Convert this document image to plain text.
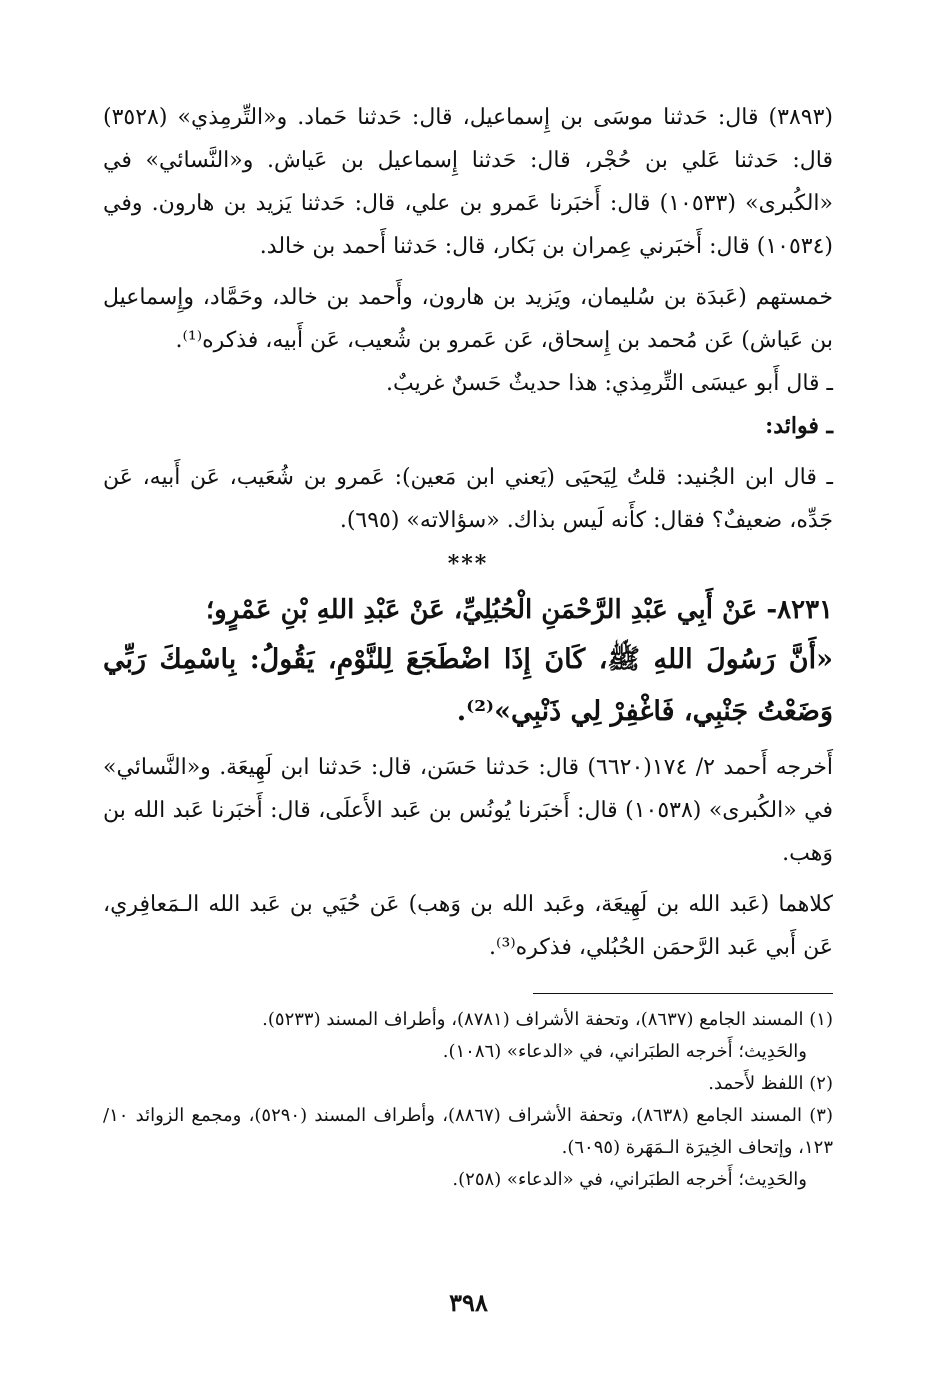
(٣٨٩٣) قال: حَدثنا موسَى بن إِسماعيل، قال: حَدثنا حَماد. و«التِّرمِذي» (٣٥٢٨) قال: حَدثنا عَلي بن حُجْر، قال: حَدثنا إِسماعيل بن عَياش. و«النَّسائي» في «الكُبرى» (١٠٥٣٣) قال: أَخبَرنا عَمرو بن علي، قال: حَدثنا يَزيد بن هارون. وفي (١٠٥٣٤) قال: أَخبَرني عِمران بن بَكار، قال: حَدثنا أَحمد بن خالد.

خمستهم (عَبدَة بن سُليمان، ويَزيد بن هارون، وأَحمد بن خالد، وحَمَّاد، وإِسماعيل بن عَياش) عَن مُحمد بن إِسحاق، عَن عَمرو بن شُعيب، عَن أَبيه، فذكره⁽¹⁾.

ـ قال أَبو عيسَى التِّرمِذي: هذا حديثٌ حَسنٌ غريبٌ.

ـ فوائد:

ـ قال ابن الجُنيد: قلتُ لِيَحيَى (يَعني ابن مَعين): عَمرو بن شُعَيب، عَن أَبيه، عَن جَدِّه، ضعيفٌ؟ فقال: كأَنه لَيس بذاك. «سؤالاته» (٦٩٥).

***

٨٢٣١- عَنْ أَبِي عَبْدِ الرَّحْمَنِ الْحُبُلِيِّ، عَنْ عَبْدِ اللهِ بْنِ عَمْرٍو؛

«أَنَّ رَسُولَ اللهِ ﷺ، كَانَ إِذَا اضْطَجَعَ لِلنَّوْمِ، يَقُولُ: بِاسْمِكَ رَبِّي وَضَعْتُ جَنْبِي، فَاغْفِرْ لِي ذَنْبِي»⁽²⁾.

أَخرجه أَحمد ٢/ ١٧٤(٦٦٢٠) قال: حَدثنا حَسَن، قال: حَدثنا ابن لَهِيعَة. و«النَّسائي» في «الكُبرى» (١٠٥٣٨) قال: أَخبَرنا يُونُس بن عَبد الأَعلَى، قال: أَخبَرنا عَبد الله بن وَهب.

كلاهما (عَبد الله بن لَهِيعَة، وعَبد الله بن وَهب) عَن حُيَي بن عَبد الله الـمَعافِري، عَن أَبي عَبد الرَّحمَن الحُبُلي، فذكره⁽³⁾.

(١) المسند الجامع (٨٦٣٧)، وتحفة الأشراف (٨٧٨١)، وأطراف المسند (٥٢٣٣).

والحَدِيث؛ أَخرجه الطبَراني، في «الدعاء» (١٠٨٦).

(٢) اللفظ لأَحمد.

(٣) المسند الجامع (٨٦٣٨)، وتحفة الأشراف (٨٨٦٧)، وأطراف المسند (٥٢٩٠)، ومجمع الزوائد ١٠/ ١٢٣، وإتحاف الخِيرَة الـمَهَرة (٦٠٩٥).

والحَدِيث؛ أَخرجه الطبَراني، في «الدعاء» (٢٥٨).

٣٩٨
